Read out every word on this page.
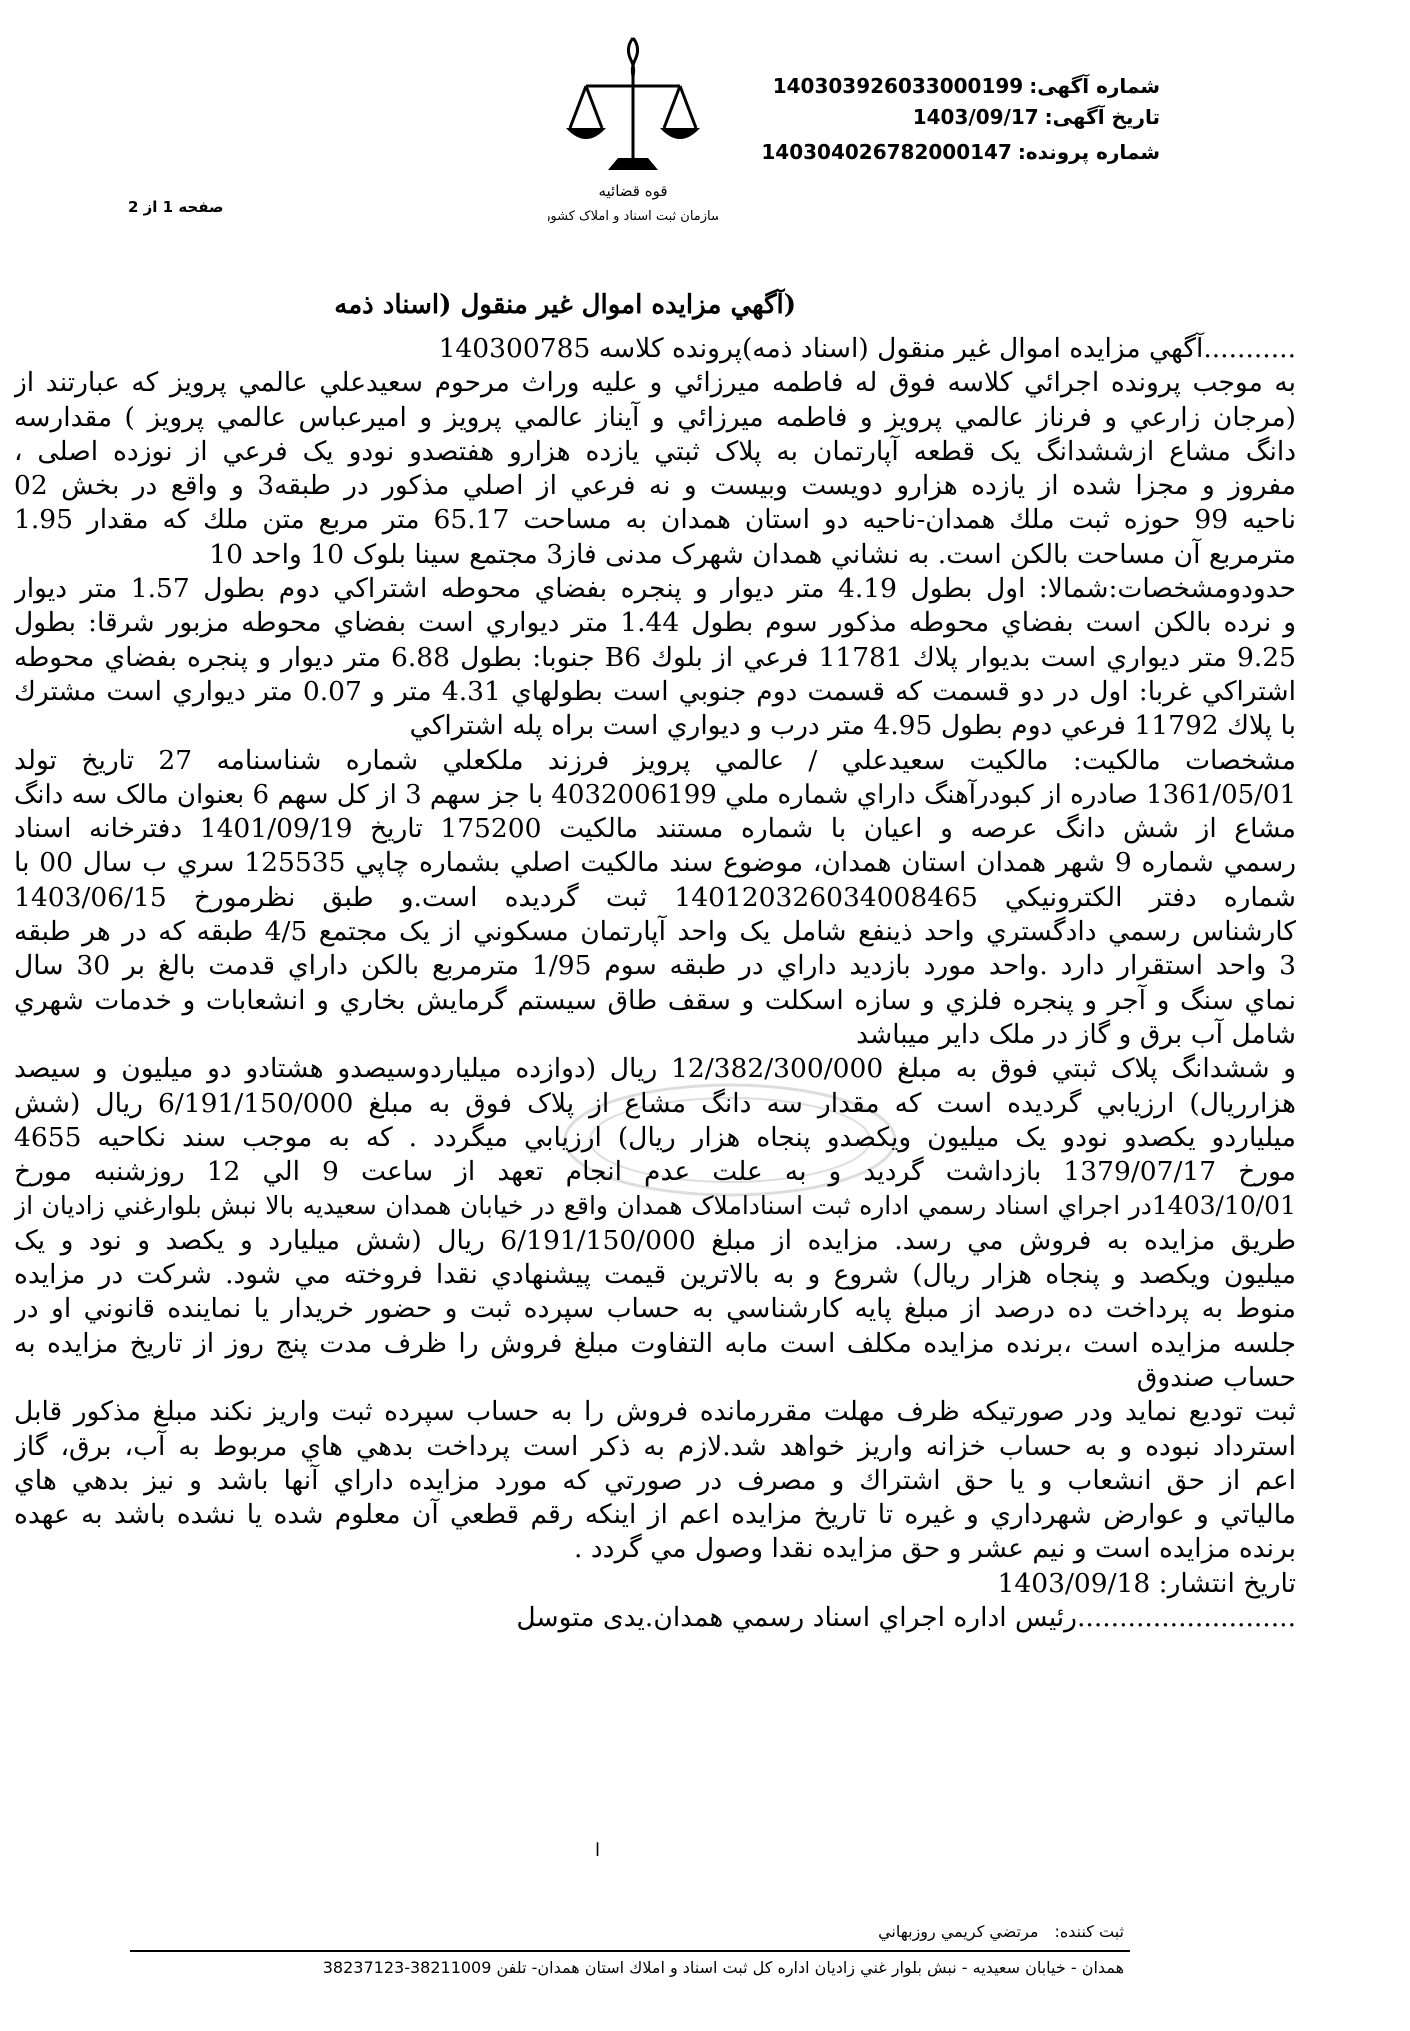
شماره آگهی:140303926033000199
تاریخ آگهی:1403/09/17
شماره پرونده:140304026782000147
قوه قضائیه
سازمان ثبت اسناد و املاک کشور
صفحه 1 از 2
(آگهي مزايده اموال غير منقول (اسناد ذمه
...........آگهي مزايده اموال غير منقول (اسناد ذمه)پرونده كلاسه 140300785
به موجب پرونده اجرائي كلاسه فوق له فاطمه ميرزائي و عليه وراث مرحوم سعيدعلي عالمي پرويز كه عبارتند از
(مرجان زارعي و فرناز عالمي پرويز و فاطمه ميرزائي و آيناز عالمي پرويز و اميرعباس عالمي پرويز ) مقدارسه
دانگ مشاع ازششدانگ يک قطعه آپارتمان به پلاک ثبتي يازده هزارو هفتصدو نودو يک فرعي از نوزده اصلی ،
مفروز و مجزا شده از يازده هزارو دويست وبيست و نه فرعي از اصلي مذكور در طبقه3 و واقع در بخش 02
ناحيه 99 حوزه ثبت ملك همدان-ناحيه دو استان همدان به مساحت 65.17 متر مربع متن ملك كه مقدار 1.95
مترمربع آن مساحت بالكن است. به نشاني همدان شهرک مدنی فاز3 مجتمع سينا بلوک 10 واحد 10
حدودومشخصات:شمالا: اول بطول 4.19 متر ديوار و پنجره بفضاي محوطه اشتراكي دوم بطول 1.57 متر ديوار
و نرده بالكن است بفضاي محوطه مذكور سوم بطول 1.44 متر ديواري است بفضاي محوطه مزبور شرقا: بطول
9.25 متر ديواري است بديوار پلاك 11781 فرعي از بلوك B6 جنوبا: بطول 6.88 متر ديوار و پنجره بفضاي محوطه
اشتراكي غربا: اول در دو قسمت كه قسمت دوم جنوبي است بطولهاي 4.31 متر و 0.07 متر ديواري است مشترك
با پلاك 11792 فرعي دوم بطول 4.95 متر درب و ديواري است براه پله اشتراكي
مشخصات مالكيت: مالكيت سعيدعلي / عالمي پرويز فرزند ملكعلي شماره شناسنامه 27 تاريخ تولد
1361/05/01 صادره از كبودرآهنگ داراي شماره ملي 4032006199 با جز سهم 3 از كل سهم 6 بعنوان مالک سه دانگ
مشاع از شش دانگ عرصه و اعيان با شماره مستند مالكيت 175200 تاريخ 1401/09/19 دفترخانه اسناد
رسمي شماره 9 شهر همدان استان همدان، موضوع سند مالكيت اصلي بشماره چاپي 125535 سري ب سال 00 با
شماره دفتر الكترونيكي 140120326034008465 ثبت گرديده است.و طبق نظرمورخ 1403/06/15
كارشناس رسمي دادگستري واحد ذينفع شامل يک واحد آپارتمان مسكوني از يک مجتمع 4/5 طبقه كه در هر طبقه
3 واحد استقرار دارد .واحد مورد بازديد داراي در طبقه سوم 1/95 مترمربع بالكن داراي قدمت بالغ بر 30 سال
نماي سنگ و آجر و پنجره فلزي و سازه اسكلت و سقف طاق سيستم گرمايش بخاري و انشعابات و خدمات شهري
شامل آب برق و گاز در ملک داير ميباشد
و ششدانگ پلاک ثبتي فوق به مبلغ 12/382/300/000 ريال (دوازده ميلياردوسيصدو هشتادو دو ميليون و سيصد
هزارريال) ارزيابي گرديده است كه مقدار سه دانگ مشاع از پلاک فوق به مبلغ 6/191/150/000 ريال (شش
ميلياردو يكصدو نودو يک ميليون ويكصدو پنجاه هزار ريال) ارزيابي ميگردد . كه به موجب سند نكاحيه 4655
مورخ 1379/07/17 بازداشت گرديد و به علت عدم انجام تعهد از ساعت 9 الي 12 روزشنبه مورخ
1403/10/01در اجراي اسناد رسمي اداره ثبت اسناداملاک همدان واقع در خيابان همدان سعيديه بالا نبش بلوارغني زاديان از
طريق مزايده به فروش مي رسد. مزايده از مبلغ 6/191/150/000 ريال (شش ميليارد و يكصد و نود و يک
ميليون ويكصد و پنجاه هزار ريال) شروع و به بالاترين قيمت پيشنهادي نقدا فروخته مي شود. شركت در مزايده
منوط به پرداخت ده درصد از مبلغ پايه كارشناسي به حساب سپرده ثبت و حضور خريدار يا نماينده قانوني او در
جلسه مزايده است ،برنده مزايده مكلف است مابه التفاوت مبلغ فروش را ظرف مدت پنج روز از تاريخ مزايده به
حساب صندوق
ثبت توديع نمايد ودر صورتيكه ظرف مهلت مقررمانده فروش را به حساب سپرده ثبت واريز نكند مبلغ مذكور قابل
استرداد نبوده و به حساب خزانه واريز خواهد شد.لازم به ذكر است پرداخت بدهي هاي مربوط به آب، برق، گاز
اعم از حق انشعاب و يا حق اشتراك و مصرف در صورتي كه مورد مزايده داراي آنها باشد و نيز بدهي هاي
مالياتي و عوارض شهرداري و غيره تا تاريخ مزايده اعم از اينكه رقم قطعي آن معلوم شده يا نشده باشد به عهده
برنده مزايده است و نيم عشر و حق مزايده نقدا وصول مي گردد .
تاريخ انتشار: 1403/09/18
..........................رئيس اداره اجراي اسناد رسمي همدان.يدی متوسل
ا
ثبت كننده:مرتضي كريمي روزبهاني
همدان - خيابان سعيديه - نبش بلوار غني زاديان اداره كل ثبت اسناد و املاك استان همدان- تلفن 38211009-38237123
